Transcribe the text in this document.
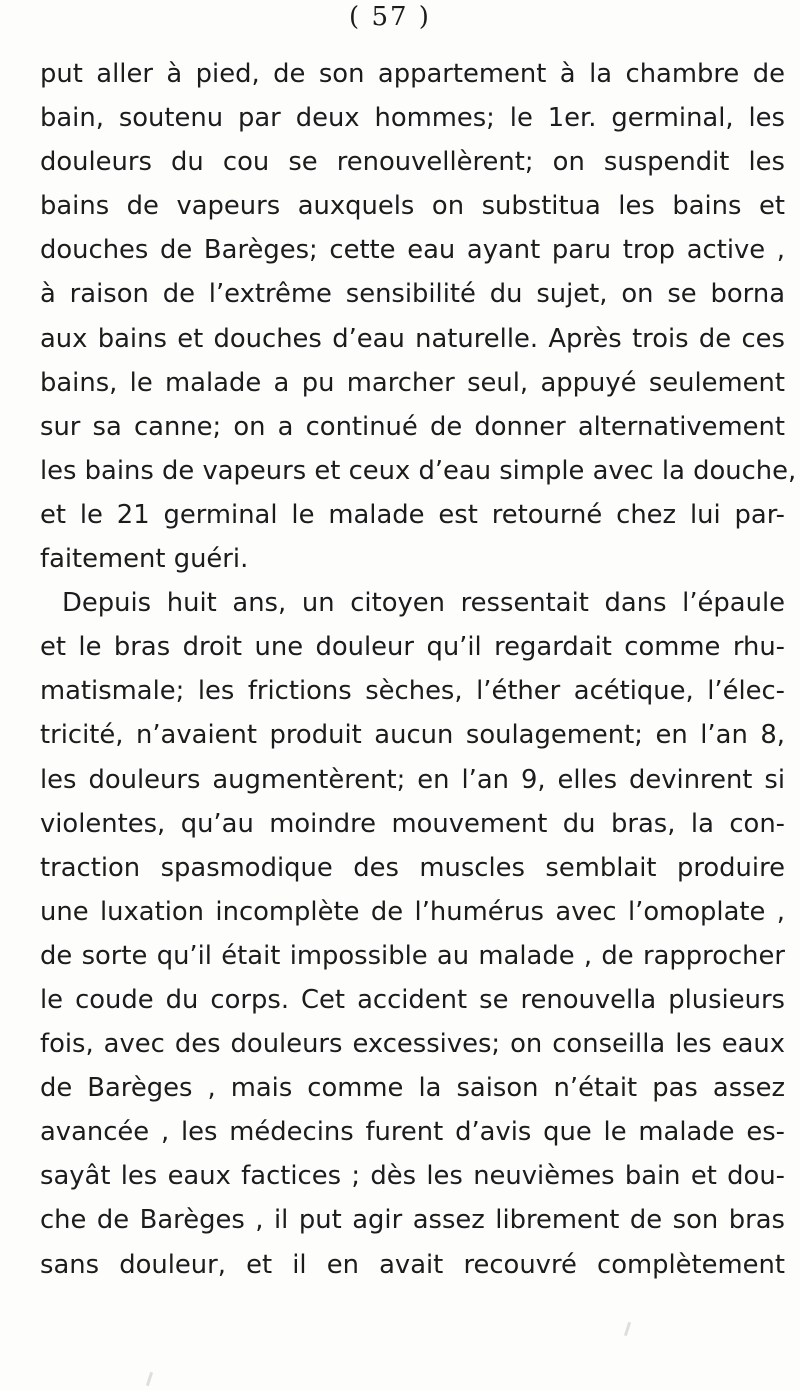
( 57 )
put aller à pied, de son appartement à la chambre de
bain, soutenu par deux hommes; le 1er. germinal, les
douleurs du cou se renouvellèrent; on suspendit les
bains de vapeurs auxquels on substitua les bains et
douches de Barèges; cette eau ayant paru trop active ,
à raison de l’extrême sensibilité du sujet, on se borna
aux bains et douches d’eau naturelle. Après trois de ces
bains, le malade a pu marcher seul, appuyé seulement
sur sa canne; on a continué de donner alternativement
les bains de vapeurs et ceux d’eau simple avec la douche,
et le 21 germinal le malade est retourné chez lui par-
faitement guéri.
Depuis huit ans, un citoyen ressentait dans l’épaule
et le bras droit une douleur qu’il regardait comme rhu-
matismale; les frictions sèches, l’éther acétique, l’élec-
tricité, n’avaient produit aucun soulagement; en l’an 8,
les douleurs augmentèrent; en l’an 9, elles devinrent si
violentes, qu’au moindre mouvement du bras, la con-
traction spasmodique des muscles semblait produire
une luxation incomplète de l’humérus avec l’omoplate ,
de sorte qu’il était impossible au malade , de rapprocher
le coude du corps. Cet accident se renouvella plusieurs
fois, avec des douleurs excessives; on conseilla les eaux
de Barèges , mais comme la saison n’était pas assez
avancée , les médecins furent d’avis que le malade es-
sayât les eaux factices ; dès les neuvièmes bain et dou-
che de Barèges , il put agir assez librement de son bras
sans douleur, et il en avait recouvré complètement
